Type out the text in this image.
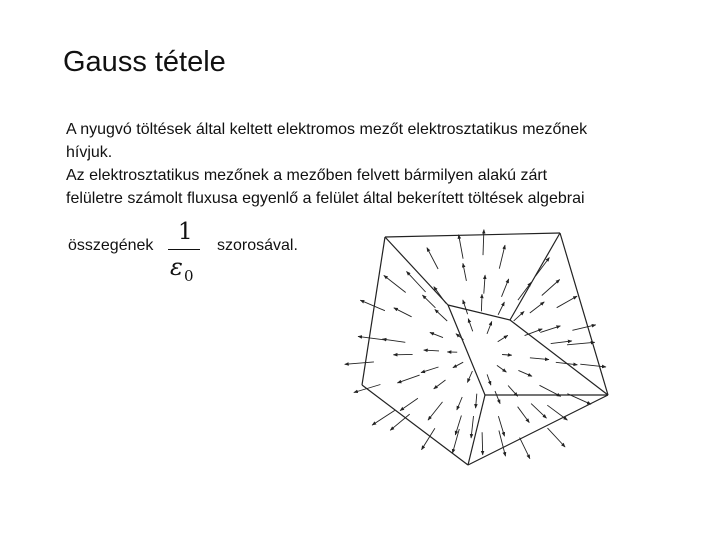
Gauss tétele
A nyugvó töltések által keltett elektromos mezőt elektrosztatikus mezőnek
hívjuk.
Az elektrosztatikus mezőnek a mezőben felvett bármilyen alakú zárt
felületre számolt fluxusa egyenlő a felület által bekerített töltések algebrai
összegének
1
ε 0
szorosával.
